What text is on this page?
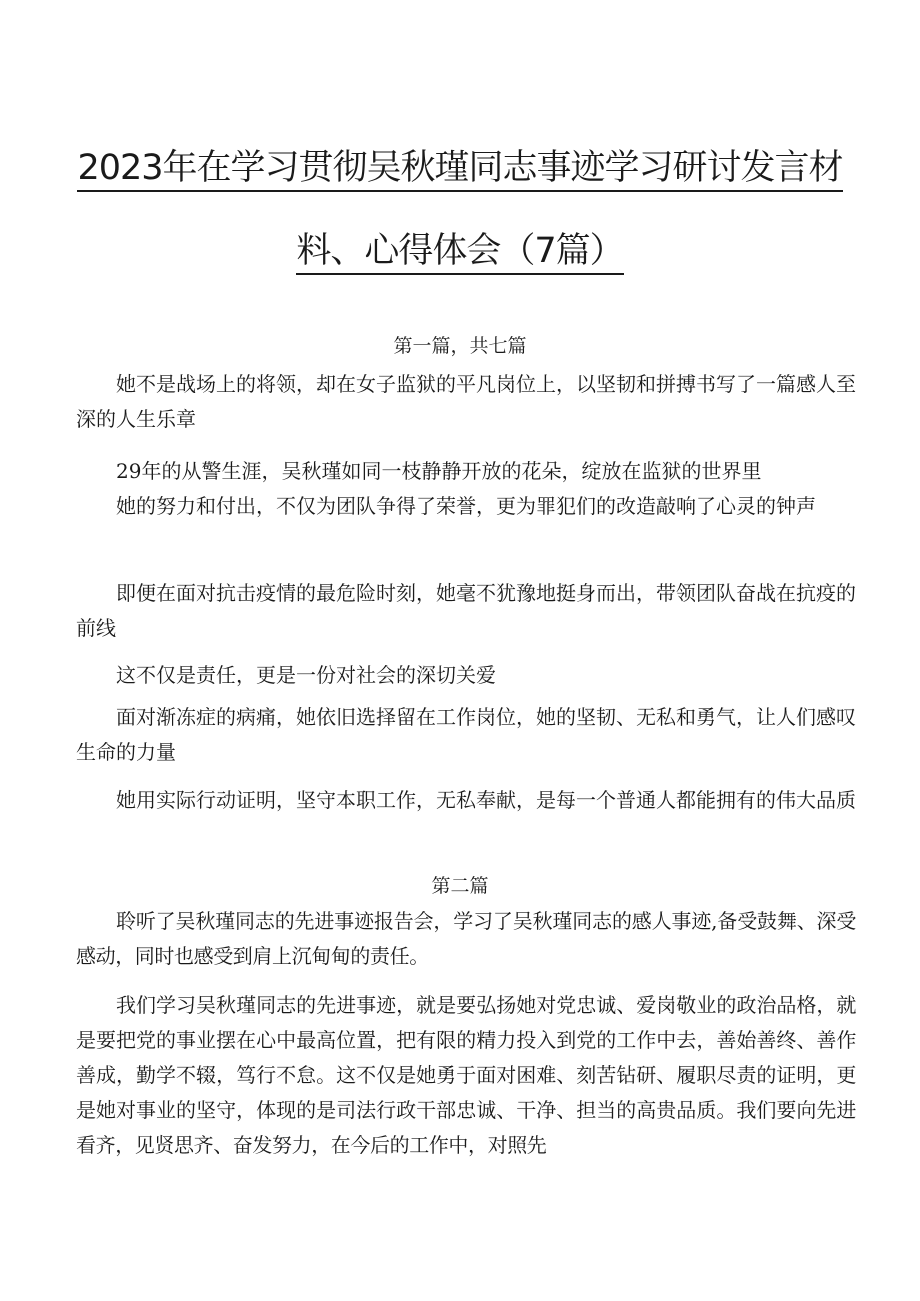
2023年在学习贯彻吴秋瑾同志事迹学习研讨发言材
料、心得体会（7篇）
第一篇，共七篇

她不是战场上的将领，却在女子监狱的平凡岗位上，以坚韧和拼搏书写了一篇感人至深的人生乐章

29年的从警生涯，吴秋瑾如同一枝静静开放的花朵，绽放在监狱的世界里

她的努力和付出，不仅为团队争得了荣誉，更为罪犯们的改造敲响了心灵的钟声

即便在面对抗击疫情的最危险时刻，她毫不犹豫地挺身而出，带领团队奋战在抗疫的前线

这不仅是责任，更是一份对社会的深切关爱

面对渐冻症的病痛，她依旧选择留在工作岗位，她的坚韧、无私和勇气，让人们感叹生命的力量

她用实际行动证明，坚守本职工作，无私奉献，是每一个普通人都能拥有的伟大品质

第二篇

聆听了吴秋瑾同志的先进事迹报告会，学习了吴秋瑾同志的感人事迹,备受鼓舞、深受感动，同时也感受到肩上沉甸甸的责任。

我们学习吴秋瑾同志的先进事迹，就是要弘扬她对党忠诚、爱岗敬业的政治品格，就是要把党的事业摆在心中最高位置，把有限的精力投入到党的工作中去，善始善终、善作善成，勤学不辍，笃行不怠。这不仅是她勇于面对困难、刻苦钻研、履职尽责的证明，更是她对事业的坚守，体现的是司法行政干部忠诚、干净、担当的高贵品质。我们要向先进看齐，见贤思齐、奋发努力，在今后的工作中，对照先
